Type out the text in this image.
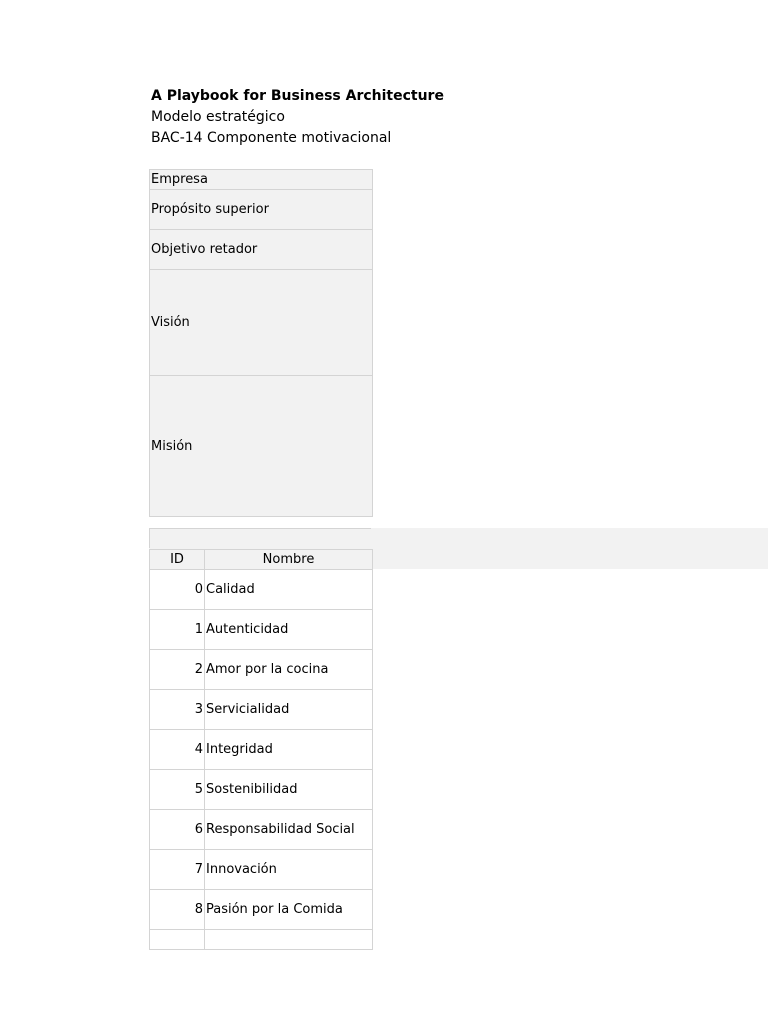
A Playbook for Business Architecture
Modelo estratégico
BAC-14 Componente motivacional
Empresa
Propósito superior
Objetivo retador
Visión
Misión
ID	Nombre
0 Calidad
1 Autenticidad
2 Amor por la cocina
3 Servicialidad
4 Integridad
5 Sostenibilidad
6 Responsabilidad Social
7 Innovación
8 Pasión por la Comida
